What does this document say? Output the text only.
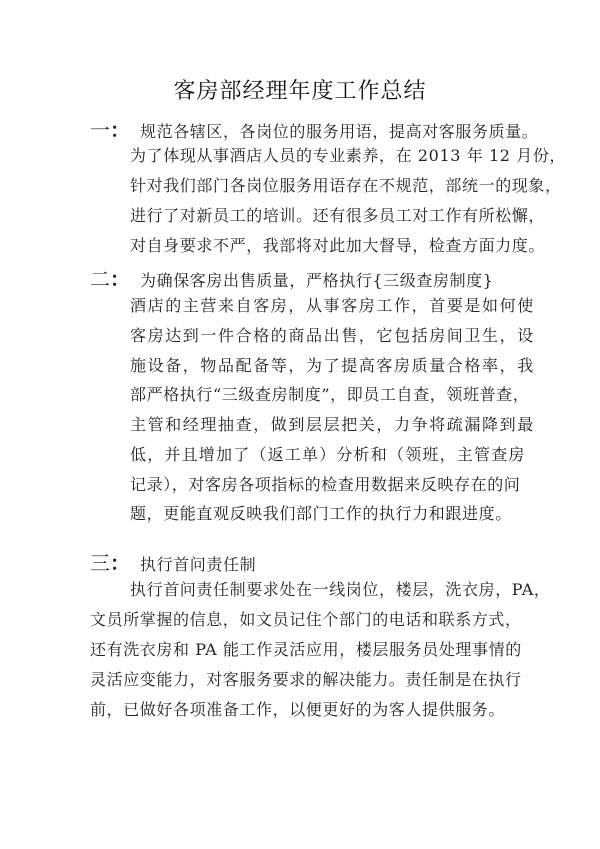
客房部经理年度工作总结
一： 规范各辖区，各岗位的服务用语，提高对客服务质量。
为了体现从事酒店人员的专业素养，在 2013 年 12 月份，
针对我们部门各岗位服务用语存在不规范，部统一的现象，
进行了对新员工的培训。还有很多员工对工作有所松懈，
对自身要求不严，我部将对此加大督导，检查方面力度。
二： 为确保客房出售质量，严格执行{三级查房制度}
酒店的主营来自客房，从事客房工作，首要是如何使
客房达到一件合格的商品出售，它包括房间卫生，设
施设备，物品配备等，为了提高客房质量合格率，我
部严格执行“三级查房制度”，即员工自查，领班普查，
主管和经理抽查，做到层层把关，力争将疏漏降到最
低，并且增加了（返工单）分析和（领班，主管查房
记录），对客房各项指标的检查用数据来反映存在的问
题，更能直观反映我们部门工作的执行力和跟进度。
三： 执行首问责任制
执行首问责任制要求处在一线岗位，楼层，洗衣房，PA，
文员所掌握的信息，如文员记住个部门的电话和联系方式，
还有洗衣房和 PA 能工作灵活应用，楼层服务员处理事情的
灵活应变能力，对客服务要求的解决能力。责任制是在执行
前，已做好各项准备工作，以便更好的为客人提供服务。
